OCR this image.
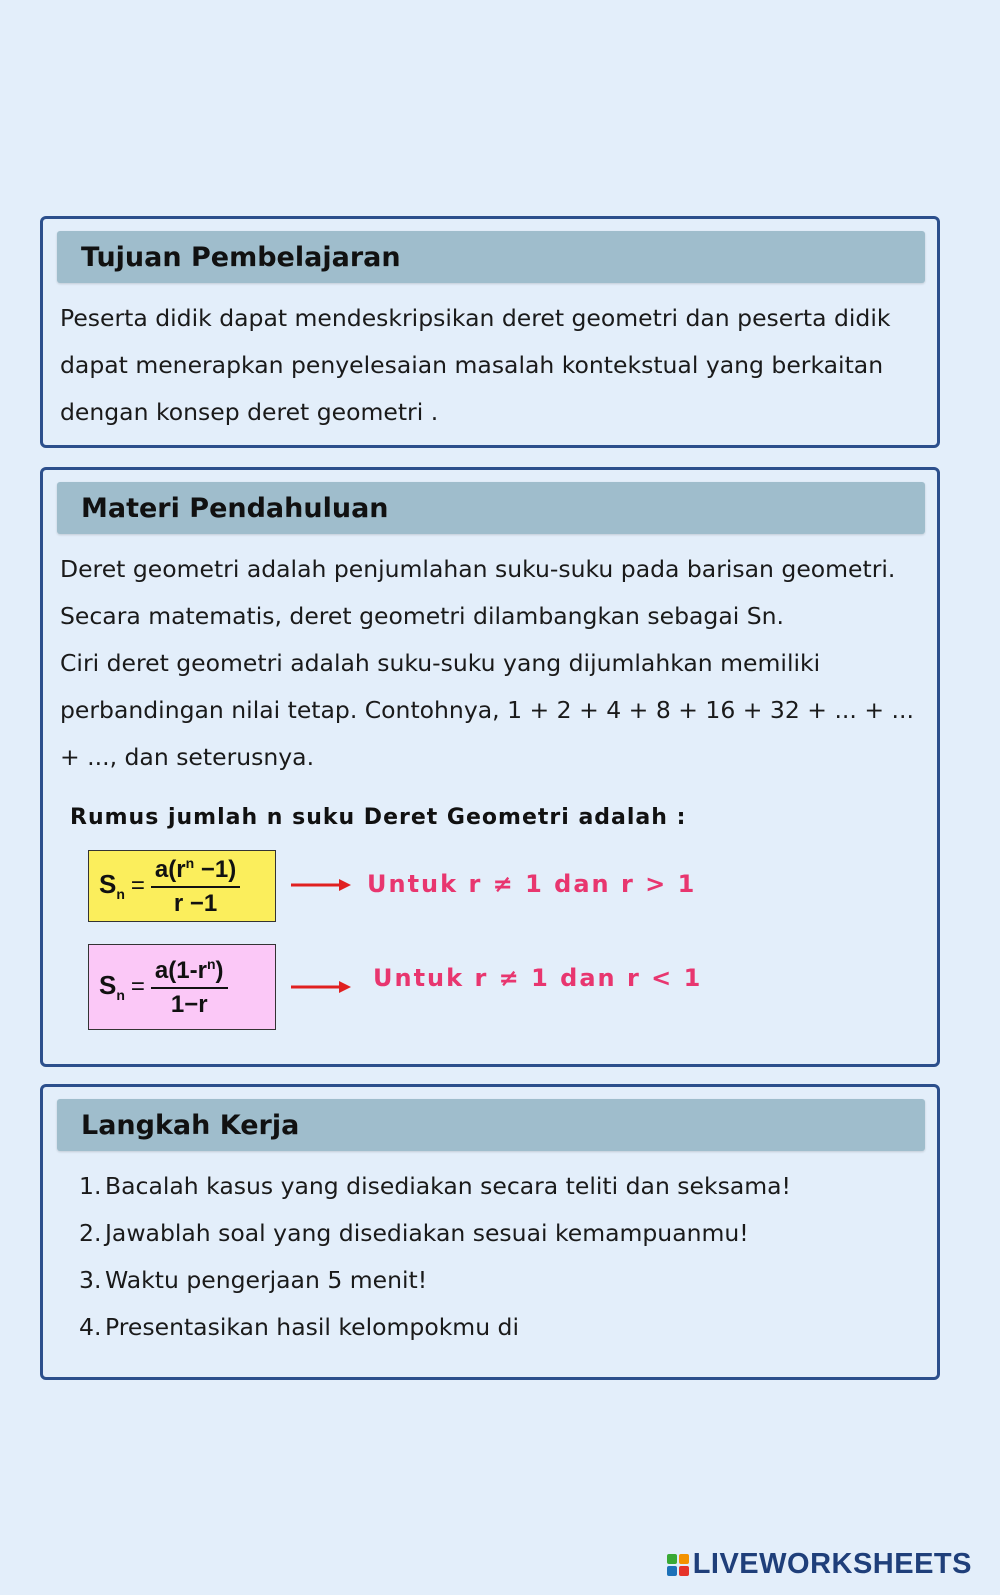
Tujuan Pembelajaran

Peserta didik dapat mendeskripsikan deret geometri dan peserta didik dapat menerapkan penyelesaian masalah kontekstual yang berkaitan dengan konsep deret geometri .

Materi Pendahuluan

Deret geometri adalah penjumlahan suku-suku pada barisan geometri. Secara matematis, deret geometri dilambangkan sebagai Sn.

Ciri deret geometri adalah suku-suku yang dijumlahkan memiliki perbandingan nilai tetap. Contohnya, 1 + 2 + 4 + 8 + 16 + 32 + ... + ... + ..., dan seterusnya.

Rumus jumlah n suku Deret Geometri adalah :
$S_n = \frac{a(r^n -1)}{r -1}$	Untuk r ≠ 1 dan r > 1
$S_n = \frac{a(1-r^n)}{1-r}$	Untuk r ≠ 1 dan r < 1
Langkah Kerja
1. Bacalah kasus yang disediakan secara teliti dan seksama!
2. Jawablah soal yang disediakan sesuai kemampuanmu!
3. Waktu pengerjaan 5 menit!
4. Presentasikan hasil kelompokmu di
LIVEWORKSHEETS
